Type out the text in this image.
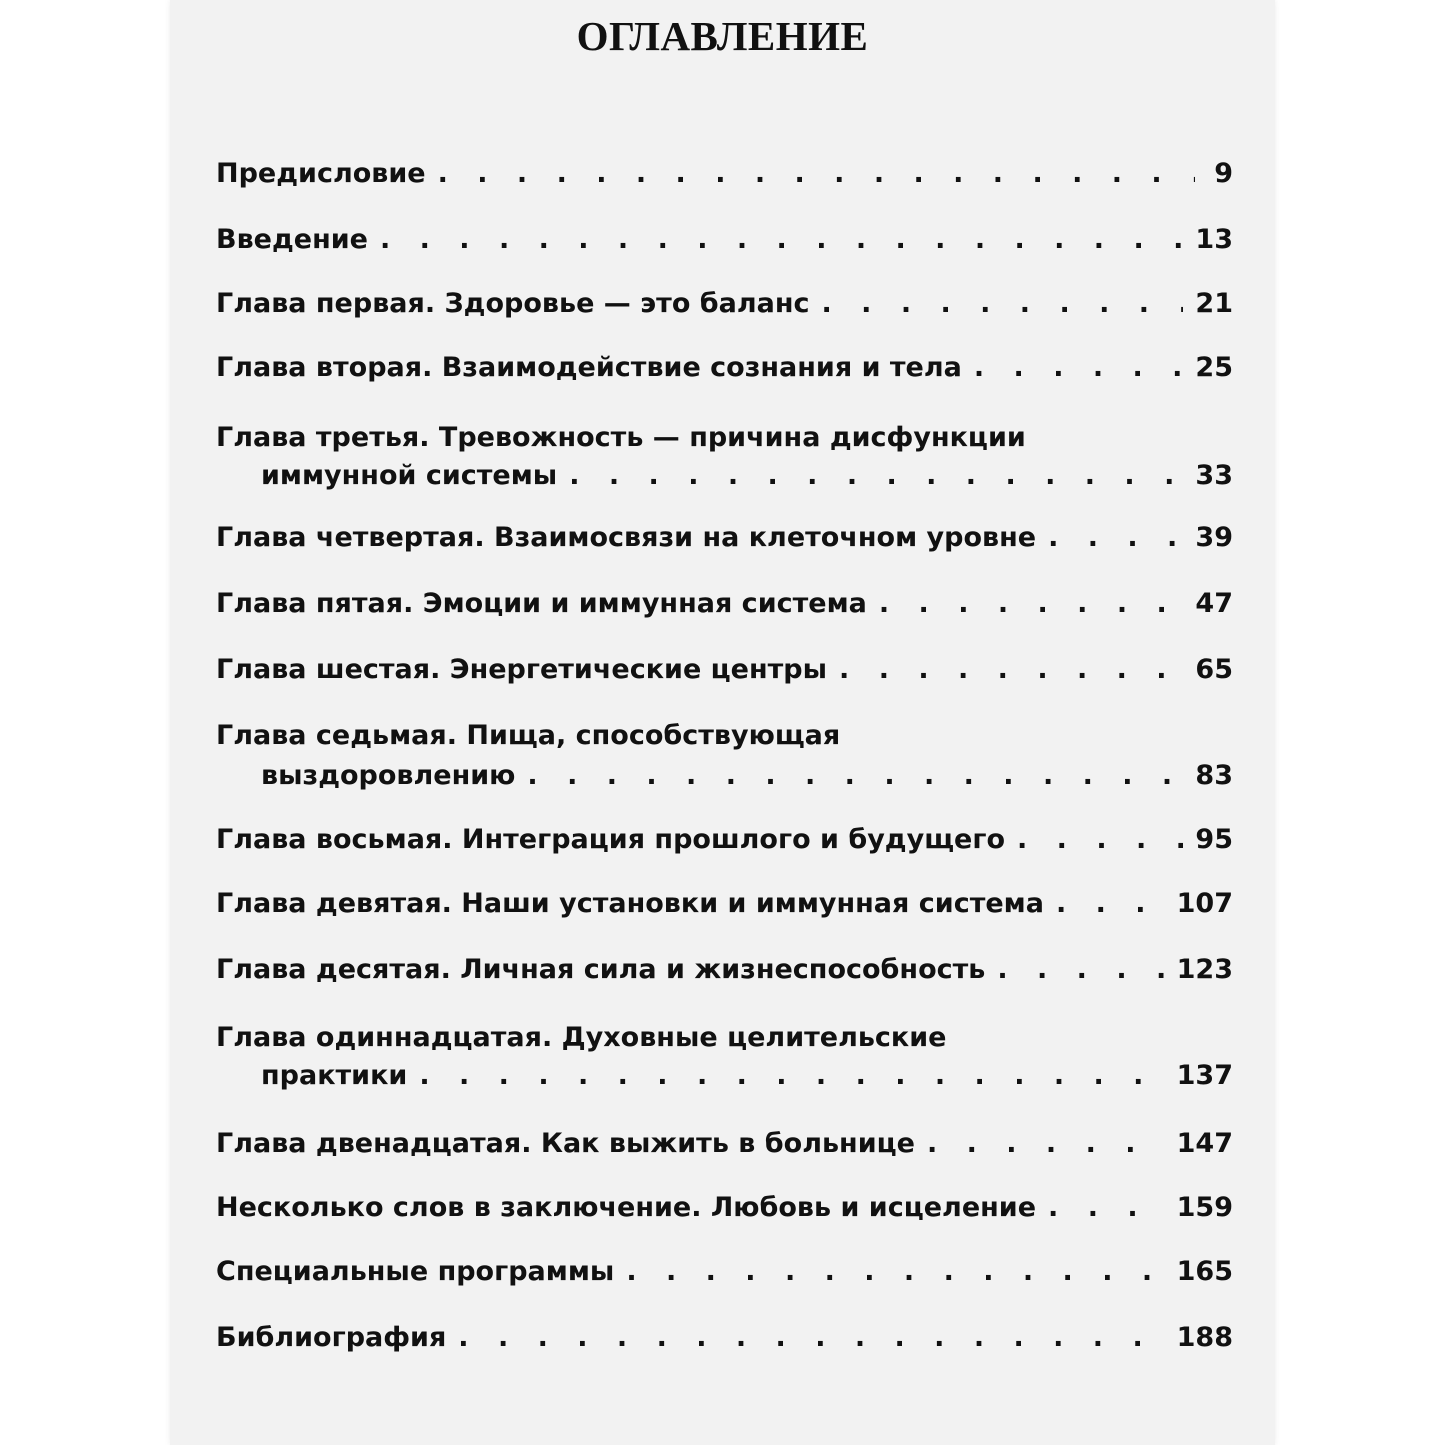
ОГЛАВЛЕНИЕ
Предисловие . . .	9
Введение . . .	13
Глава первая. Здоровье — это баланс . . .	21
Глава вторая. Взаимодействие сознания и тела . . .	25
Глава третья. Тревожность — причина дисфункции
иммунной системы . . .	33
Глава четвертая. Взаимосвязи на клеточном уровне . . .	39
Глава пятая. Эмоции и иммунная система . . .	47
Глава шестая. Энергетические центры . . .	65
Глава седьмая. Пища, способствующая
выздоровлению . . .	83
Глава восьмая. Интеграция прошлого и будущего . . .	95
Глава девятая. Наши установки и иммунная система . . .	107
Глава десятая. Личная сила и жизнеспособность . . .	123
Глава одиннадцатая. Духовные целительские
практики . . .	137
Глава двенадцатая. Как выжить в больнице . . .	147
Несколько слов в заключение. Любовь и исцеление . . .	159
Специальные программы . . .	165
Библиография . . .	188
